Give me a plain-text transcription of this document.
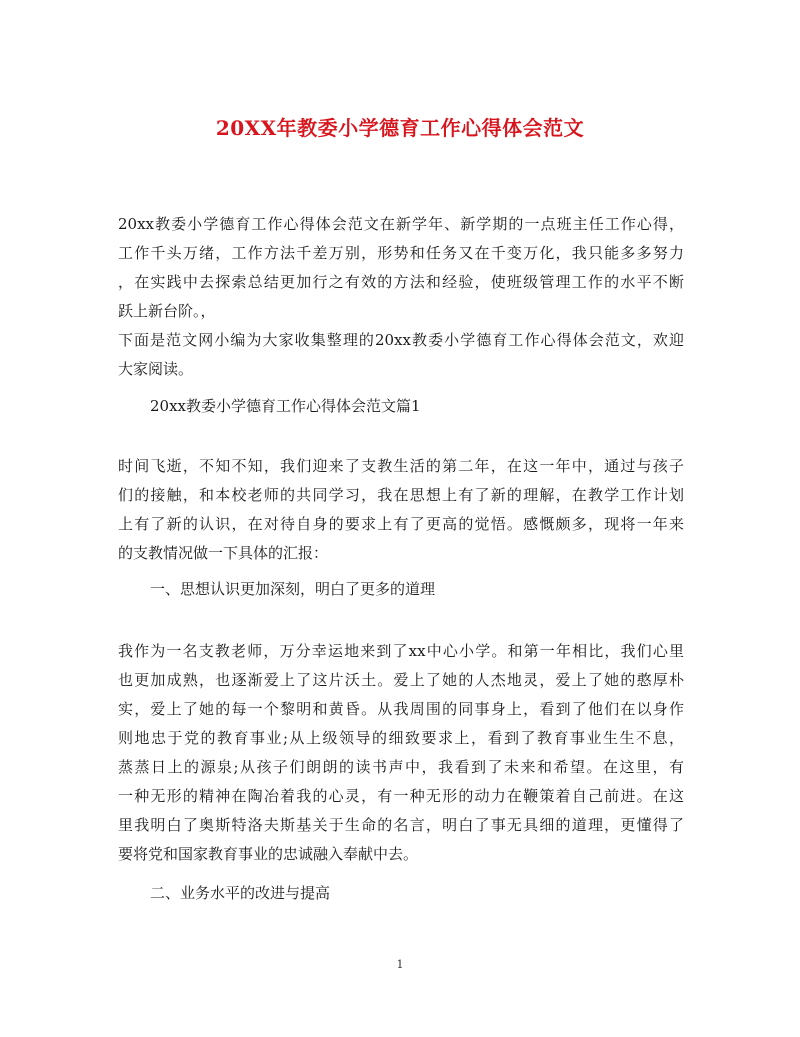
20XX年教委小学德育工作心得体会范文
20xx教委小学德育工作心得体会范文在新学年、新学期的一点班主任工作心得，
工作千头万绪，工作方法千差万别，形势和任务又在千变万化，我只能多多努力
，在实践中去探索总结更加行之有效的方法和经验，使班级管理工作的水平不断
跃上新台阶。，
下面是范文网小编为大家收集整理的20xx教委小学德育工作心得体会范文，欢迎
大家阅读。
20xx教委小学德育工作心得体会范文篇1
时间飞逝，不知不知，我们迎来了支教生活的第二年，在这一年中，通过与孩子
们的接触，和本校老师的共同学习，我在思想上有了新的理解，在教学工作计划
上有了新的认识，在对待自身的要求上有了更高的觉悟。感慨颇多，现将一年来
的支教情况做一下具体的汇报：
一、思想认识更加深刻，明白了更多的道理
我作为一名支教老师，万分幸运地来到了xx中心小学。和第一年相比，我们心里
也更加成熟，也逐渐爱上了这片沃土。爱上了她的人杰地灵，爱上了她的憨厚朴
实，爱上了她的每一个黎明和黄昏。从我周围的同事身上，看到了他们在以身作
则地忠于党的教育事业;从上级领导的细致要求上，看到了教育事业生生不息，
蒸蒸日上的源泉;从孩子们朗朗的读书声中，我看到了未来和希望。在这里，有
一种无形的精神在陶冶着我的心灵，有一种无形的动力在鞭策着自己前进。在这
里我明白了奥斯特洛夫斯基关于生命的名言，明白了事无具细的道理，更懂得了
要将党和国家教育事业的忠诚融入奉献中去。
二、业务水平的改进与提高
1
